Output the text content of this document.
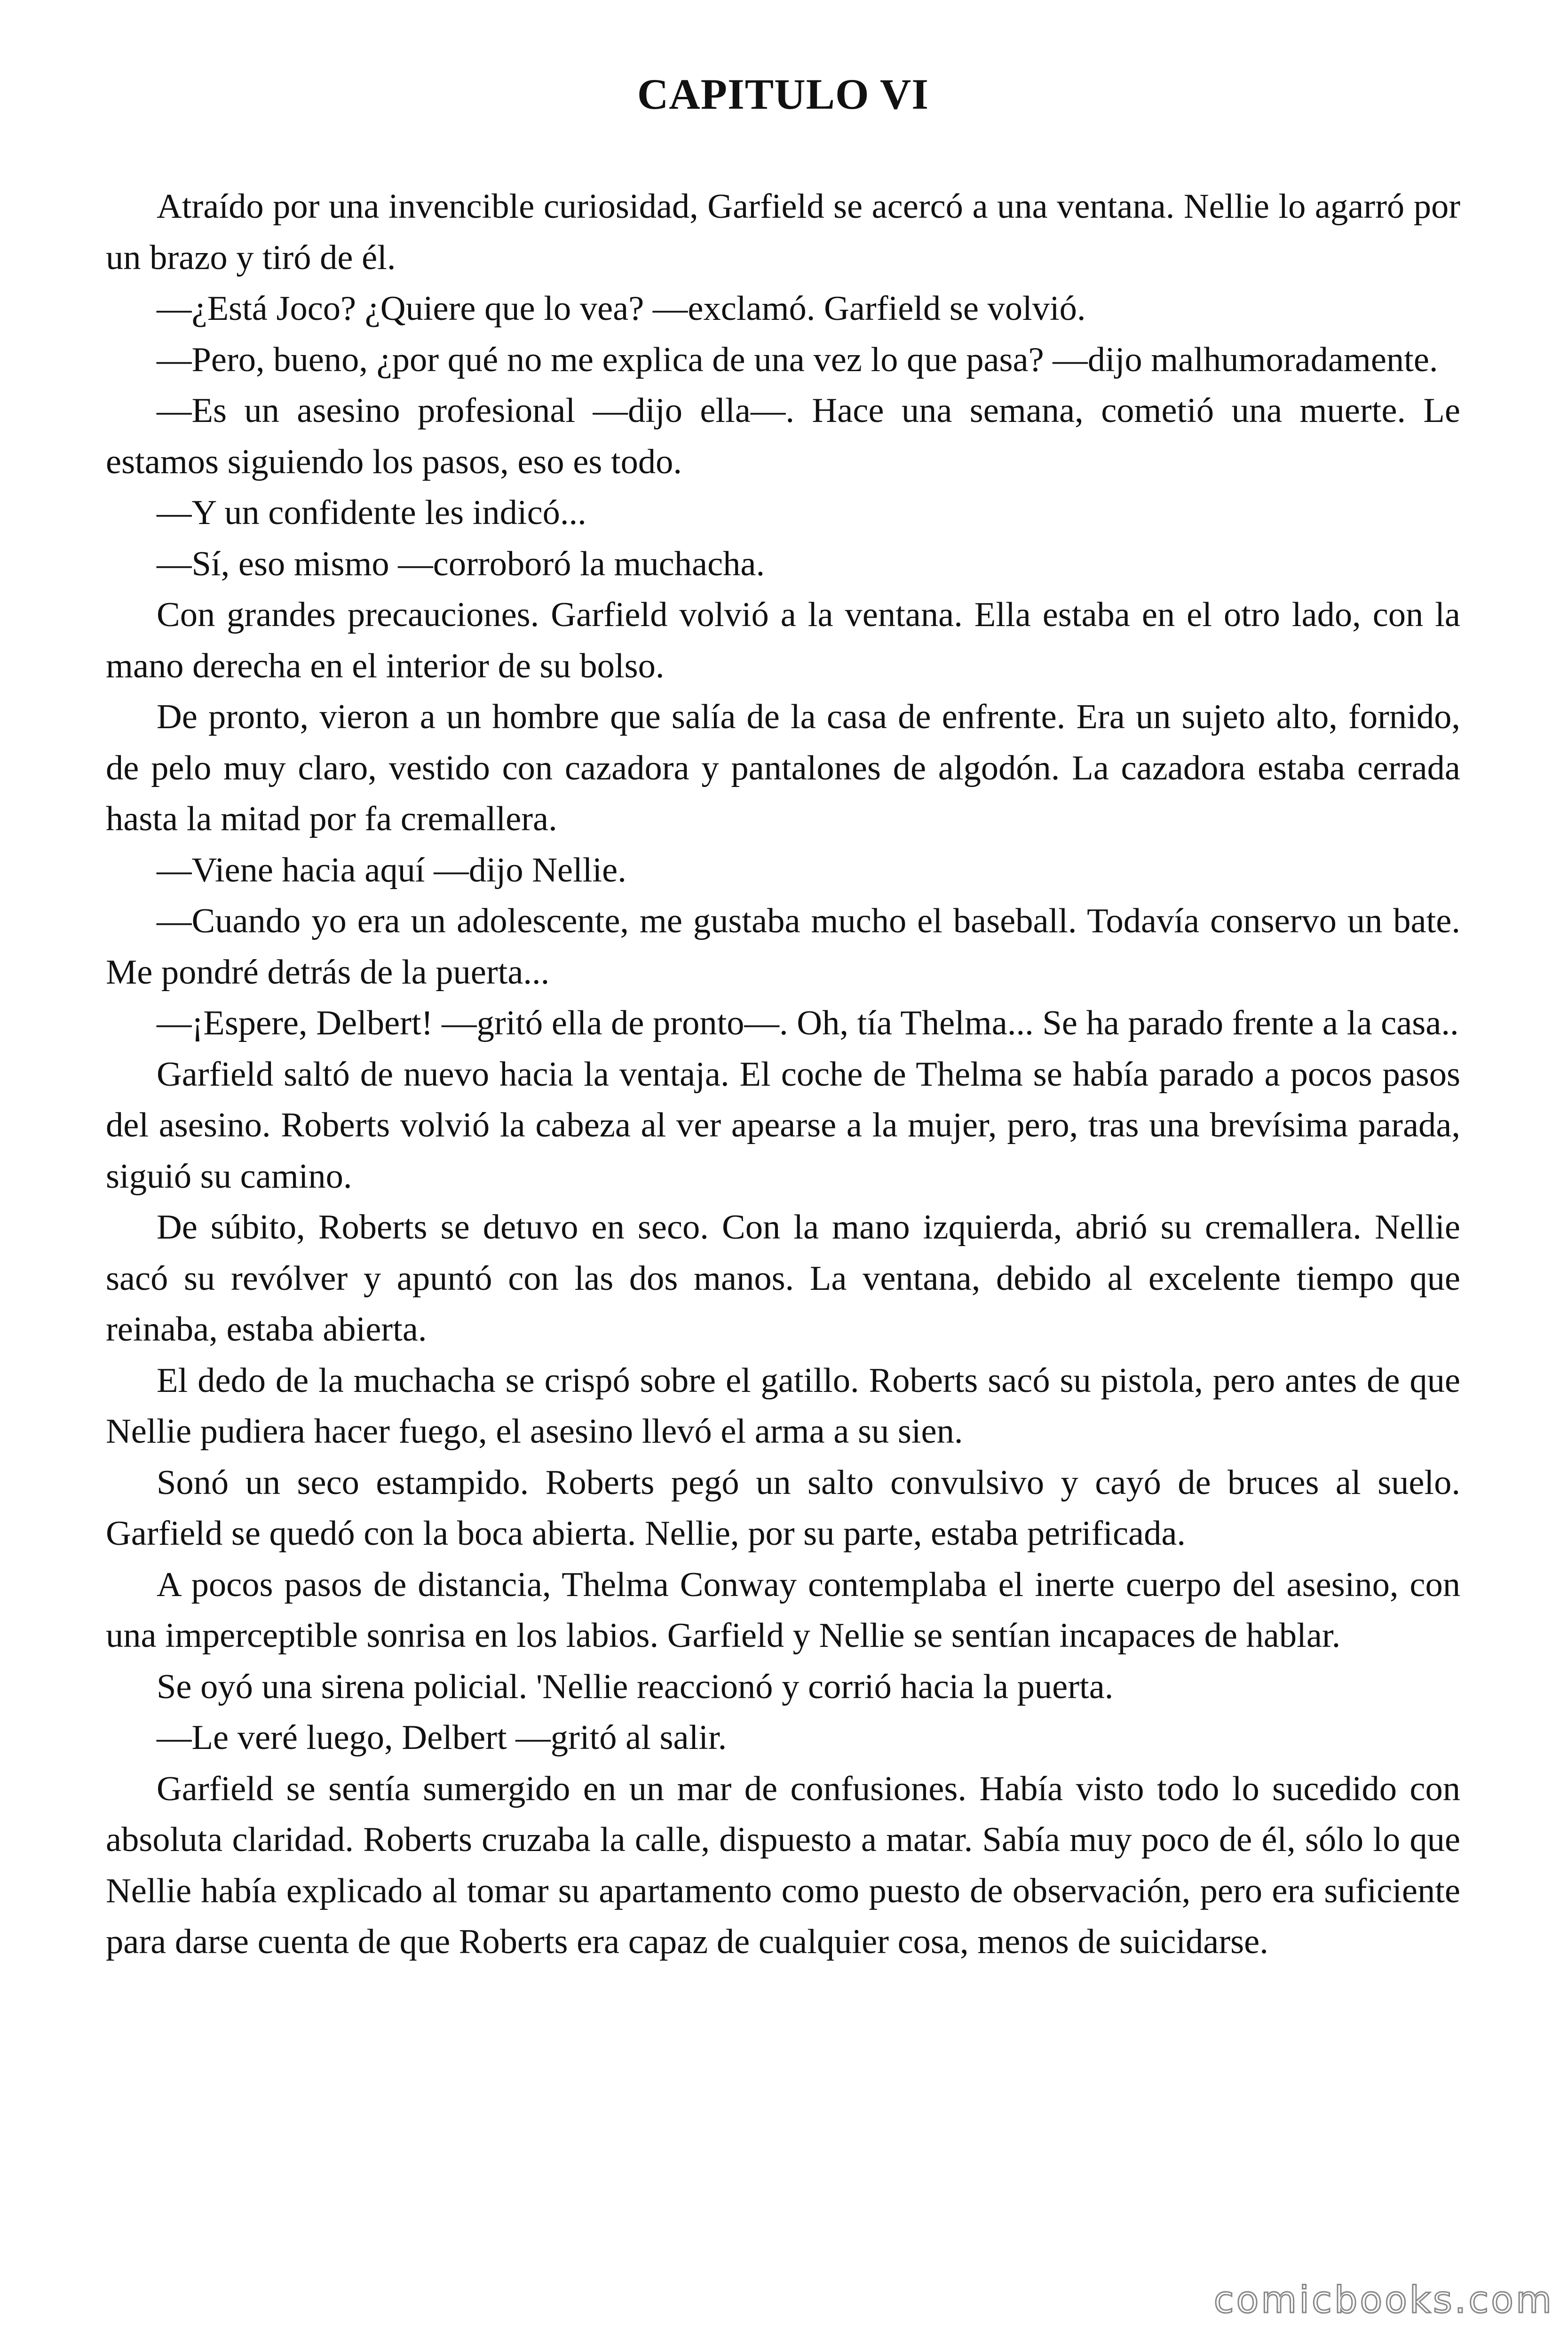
CAPITULO VI

Atraído por una invencible curiosidad, Garfield se acercó a una ventana. Nellie lo agarró por un brazo y tiró de él.

—¿Está Joco? ¿Quiere que lo vea? —exclamó. Garfield se volvió.

—Pero, bueno, ¿por qué no me explica de una vez lo que pasa? —dijo malhumoradamente.

—Es un asesino profesional —dijo ella—. Hace una semana, cometió una muerte. Le estamos siguiendo los pasos, eso es todo.

—Y un confidente les indicó...

—Sí, eso mismo —corroboró la muchacha.

Con grandes precauciones. Garfield volvió a la ventana. Ella estaba en el otro lado, con la mano derecha en el interior de su bolso.

De pronto, vieron a un hombre que salía de la casa de enfrente. Era un sujeto alto, fornido, de pelo muy claro, vestido con cazadora y pantalones de algodón. La cazadora estaba cerrada hasta la mitad por fa cremallera.

—Viene hacia aquí —dijo Nellie.

—Cuando yo era un adolescente, me gustaba mucho el baseball. Todavía conservo un bate. Me pondré detrás de la puerta...

—¡Espere, Delbert! —gritó ella de pronto—. Oh, tía Thelma... Se ha parado frente a la casa..

Garfield saltó de nuevo hacia la ventaja. El coche de Thelma se había parado a pocos pasos del asesino. Roberts volvió la cabeza al ver apearse a la mujer, pero, tras una brevísima parada, siguió su camino.

De súbito, Roberts se detuvo en seco. Con la mano izquierda, abrió su cremallera. Nellie sacó su revólver y apuntó con las dos manos. La ventana, debido al excelente tiempo que reinaba, estaba abierta.

El dedo de la muchacha se crispó sobre el gatillo. Roberts sacó su pistola, pero antes de que Nellie pudiera hacer fuego, el asesino llevó el arma a su sien.

Sonó un seco estampido. Roberts pegó un salto convulsivo y cayó de bruces al suelo. Garfield se quedó con la boca abierta. Nellie, por su parte, estaba petrificada.

A pocos pasos de distancia, Thelma Conway contemplaba el inerte cuerpo del asesino, con una imperceptible sonrisa en los labios. Garfield y Nellie se sentían incapaces de hablar.

Se oyó una sirena policial. 'Nellie reaccionó y corrió hacia la puerta.

—Le veré luego, Delbert —gritó al salir.

Garfield se sentía sumergido en un mar de confusiones. Había visto todo lo sucedido con absoluta claridad. Roberts cruzaba la calle, dispuesto a matar. Sabía muy poco de él, sólo lo que Nellie había explicado al tomar su apartamento como puesto de observación, pero era suficiente para darse cuenta de que Roberts era capaz de cualquier cosa, menos de suicidarse.

comicbooks.com
